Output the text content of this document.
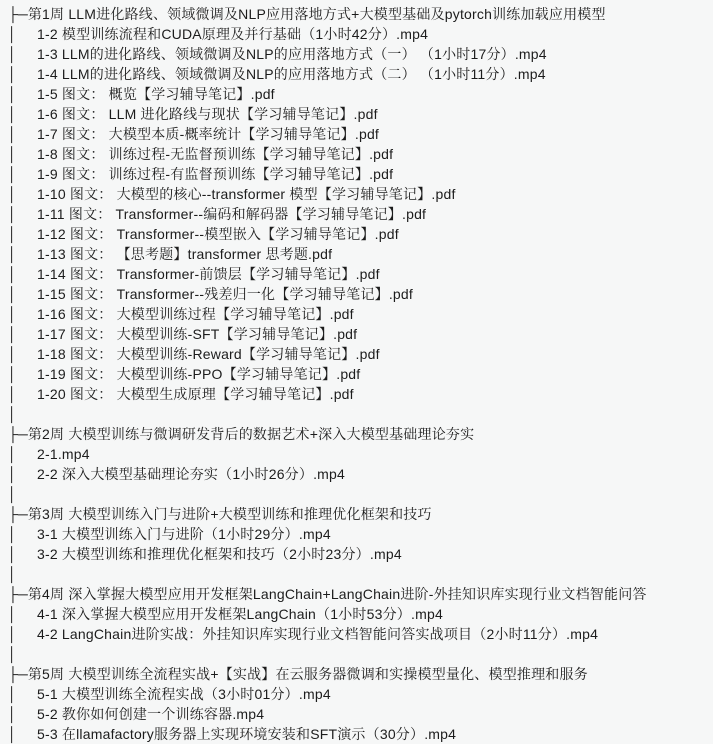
├─第1周 LLM进化路线、领域微调及NLP应用落地方式+大模型基础及pytorch训练加载应用模型
│ 1-2 模型训练流程和CUDA原理及并行基础（1小时42分）.mp4
│ 1-3 LLM的进化路线、领域微调及NLP的应用落地方式（一） （1小时17分）.mp4
│ 1-4 LLM的进化路线、领域微调及NLP的应用落地方式（二） （1小时11分）.mp4
│ 1-5 图文： 概览【学习辅导笔记】.pdf
│ 1-6 图文： LLM 进化路线与现状【学习辅导笔记】.pdf
│ 1-7 图文： 大模型本质-概率统计【学习辅导笔记】.pdf
│ 1-8 图文： 训练过程-无监督预训练【学习辅导笔记】.pdf
│ 1-9 图文： 训练过程-有监督预训练【学习辅导笔记】.pdf
│ 1-10 图文： 大模型的核心--transformer 模型【学习辅导笔记】.pdf
│ 1-11 图文： Transformer--编码和解码器【学习辅导笔记】.pdf
│ 1-12 图文： Transformer--模型嵌入【学习辅导笔记】.pdf
│ 1-13 图文： 【思考题】transformer 思考题.pdf
│ 1-14 图文： Transformer-前馈层【学习辅导笔记】.pdf
│ 1-15 图文： Transformer--残差归一化【学习辅导笔记】.pdf
│ 1-16 图文： 大模型训练过程【学习辅导笔记】.pdf
│ 1-17 图文： 大模型训练-SFT【学习辅导笔记】.pdf
│ 1-18 图文： 大模型训练-Reward【学习辅导笔记】.pdf
│ 1-19 图文： 大模型训练-PPO【学习辅导笔记】.pdf
│ 1-20 图文： 大模型生成原理【学习辅导笔记】.pdf
│
├─第2周 大模型训练与微调研发背后的数据艺术+深入大模型基础理论夯实
│ 2-1.mp4
│ 2-2 深入大模型基础理论夯实（1小时26分）.mp4
│
├─第3周 大模型训练入门与进阶+大模型训练和推理优化框架和技巧
│ 3-1 大模型训练入门与进阶（1小时29分）.mp4
│ 3-2 大模型训练和推理优化框架和技巧（2小时23分）.mp4
│
├─第4周 深入掌握大模型应用开发框架LangChain+LangChain进阶-外挂知识库实现行业文档智能问答
│ 4-1 深入掌握大模型应用开发框架LangChain（1小时53分）.mp4
│ 4-2 LangChain进阶实战：外挂知识库实现行业文档智能问答实战项目（2小时11分）.mp4
│
├─第5周 大模型训练全流程实战+【实战】在云服务器微调和实操模型量化、模型推理和服务
│ 5-1 大模型训练全流程实战（3小时01分）.mp4
│ 5-2 教你如何创建一个训练容器.mp4
│ 5-3 在llamafactory服务器上实现环境安装和SFT演示（30分）.mp4
